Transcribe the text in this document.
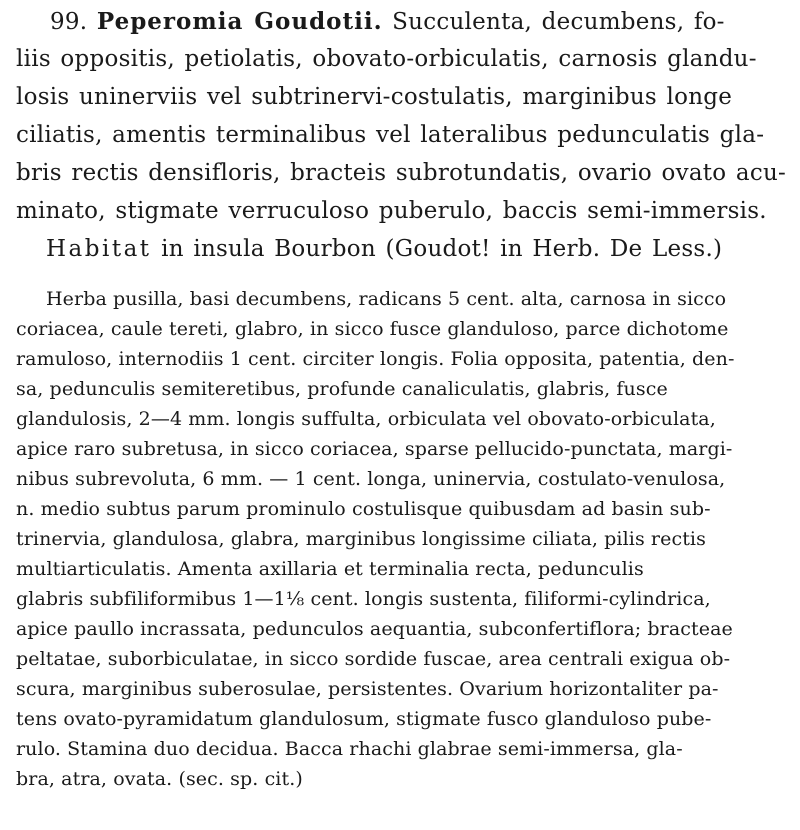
99. Peperomia Goudotii. Succulenta, decumbens, fo-
liis oppositis, petiolatis, obovato-orbiculatis, carnosis glandu-
losis uninerviis vel subtrinervi-costulatis, marginibus longe
ciliatis, amentis terminalibus vel lateralibus pedunculatis gla-
bris rectis densifloris, bracteis subrotundatis, ovario ovato acu-
minato, stigmate verruculoso puberulo, baccis semi-immersis.
Habitat in insula Bourbon (Goudot! in Herb. De Less.)
Herba pusilla, basi decumbens, radicans 5 cent. alta, carnosa in sicco
coriacea, caule tereti, glabro, in sicco fusce glanduloso, parce dichotome
ramuloso, internodiis 1 cent. circiter longis. Folia opposita, patentia, den-
sa, pedunculis semiteretibus, profunde canaliculatis, glabris, fusce
glandulosis, 2—4 mm. longis suffulta, orbiculata vel obovato-orbiculata,
apice raro subretusa, in sicco coriacea, sparse pellucido-punctata, margi-
nibus subrevoluta, 6 mm. — 1 cent. longa, uninervia, costulato-venulosa,
n. medio subtus parum prominulo costulisque quibusdam ad basin sub-
trinervia, glandulosa, glabra, marginibus longissime ciliata, pilis rectis
multiarticulatis. Amenta axillaria et terminalia recta, pedunculis
glabris subfiliformibus 1—1⅛ cent. longis sustenta, filiformi-cylindrica,
apice paullo incrassata, pedunculos aequantia, subconfertiflora; bracteae
peltatae, suborbiculatae, in sicco sordide fuscae, area centrali exigua ob-
scura, marginibus suberosulae, persistentes. Ovarium horizontaliter pa-
tens ovato-pyramidatum glandulosum, stigmate fusco glanduloso pube-
rulo. Stamina duo decidua. Bacca rhachi glabrae semi-immersa, gla-
bra, atra, ovata. (sec. sp. cit.)
